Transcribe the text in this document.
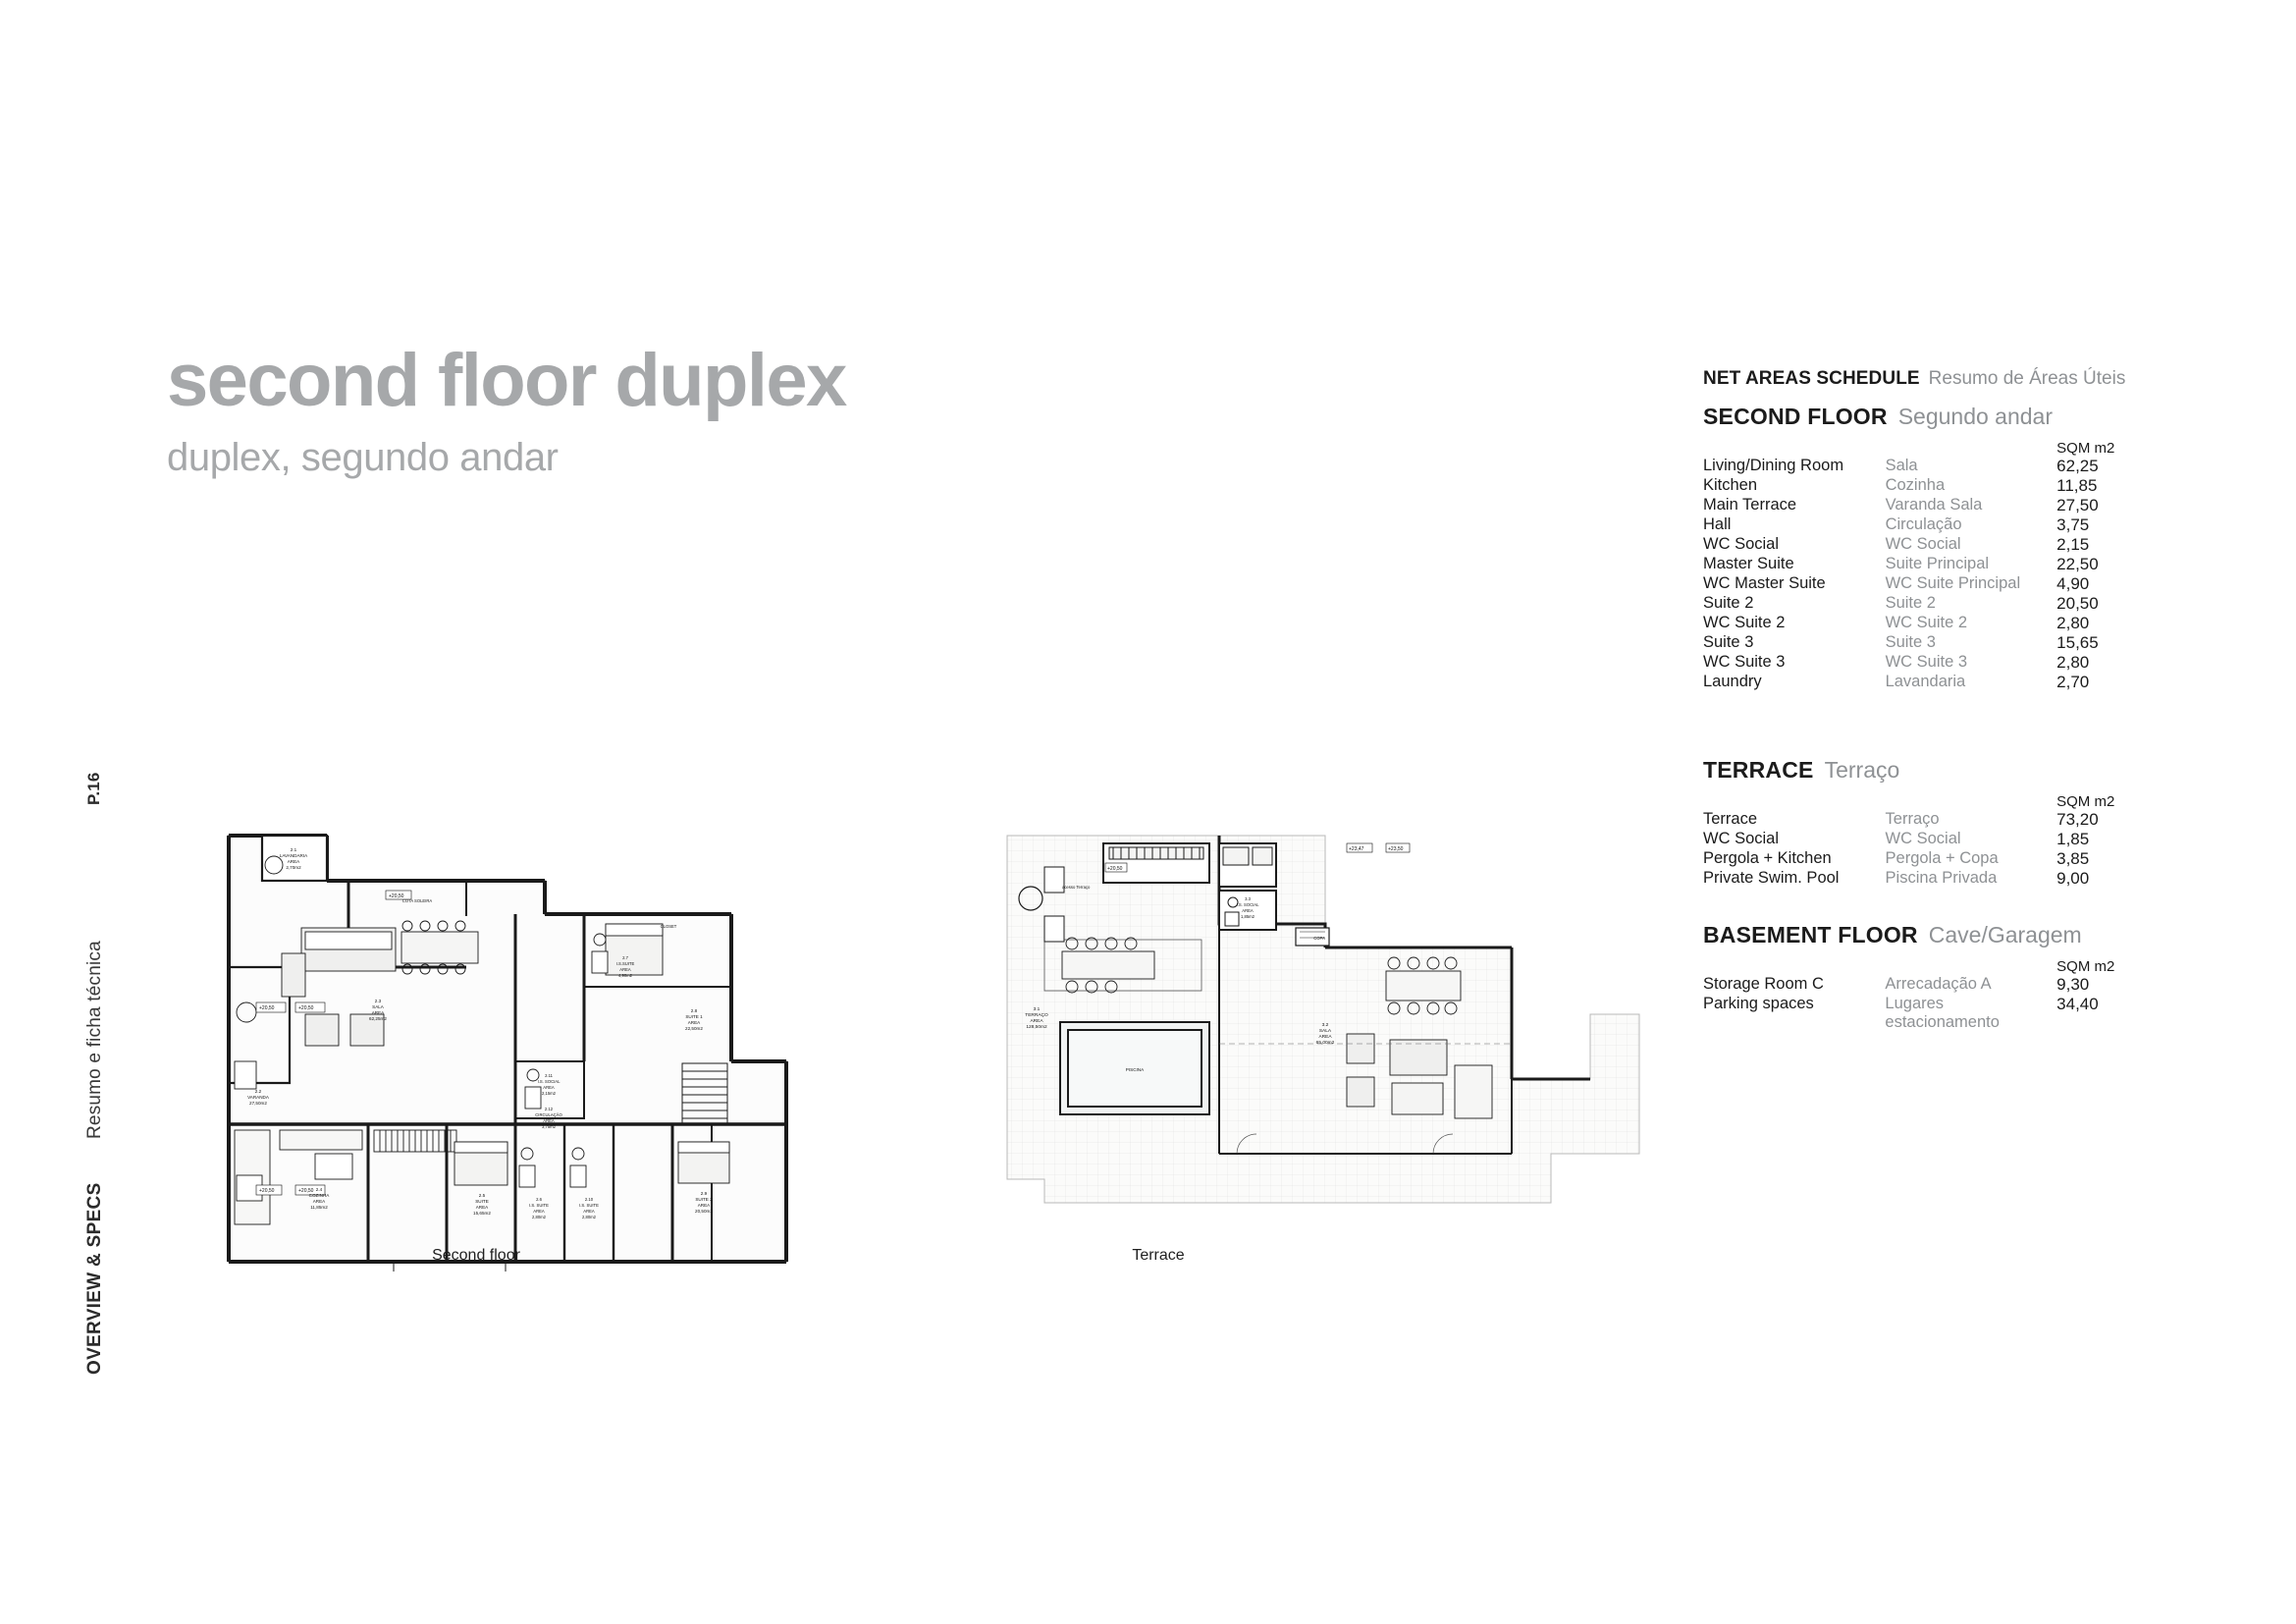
P.16
OVERVIEW & SPECS
Resumo e ficha técnica
second floor duplex
duplex, segundo andar
+20,50	+20,50
+20,50
+20,50
+20,50
2.1
LAVANDARIA
AREA
2,70m2
2.2
VARANDA
27,50m2
2.3
SALA
AREA
62,25m2
2.4
COZINHA
AREA
11,85m2
2.5
SUITE
AREA
15,65m2
2.6
I.S. SUITE
AREA
2,80m2
2.10
I.S. SUITE
AREA
2,80m2
2.7
I.S.SUITE
AREA
4,90m2
2.8
SUITE 1
AREA
22,50m2
2.9
SUITE 2
AREA
20,50m2
2.11
I.S. SOCIAL
AREA
2,15m2
2.12
CIRCULAÇÃO
AREA
3,75m2
COTA SOLEIRA
CLOSET
Second floor
+20,50
+23,47	+23,50
3.1
TERRAÇO
AREA
128,50m2	3.2
SALA
AREA
65,00m2
3.3
I.S. SOCIAL
AREA
1,85m2
acesso Terraço
PISCINA
COPA
Terrace
NET AREAS SCHEDULE Resumo de Áreas Úteis
SECOND FLOOR Segundo andar
		SQM m2
Living/Dining Room	Sala	62,25
Kitchen	Cozinha	11,85
Main Terrace	Varanda Sala	27,50
Hall	Circulação	3,75
WC Social	WC Social	2,15
Master Suite	Suite Principal	22,50
WC Master Suite	WC Suite Principal	4,90
Suite 2	Suite 2	20,50
WC Suite 2	WC Suite 2	2,80
Suite 3	Suite 3	15,65
WC Suite 3	WC Suite 3	2,80
Laundry	Lavandaria	2,70
TERRACE Terraço
		SQM m2
Terrace	Terraço	73,20
WC Social	WC Social	1,85
Pergola + Kitchen	Pergola + Copa	3,85
Private Swim. Pool	Piscina Privada	9,00
BASEMENT FLOOR Cave/Garagem
		SQM m2
Storage Room C	Arrecadação A	9,30
Parking spaces	Lugares estacionamento	34,40
